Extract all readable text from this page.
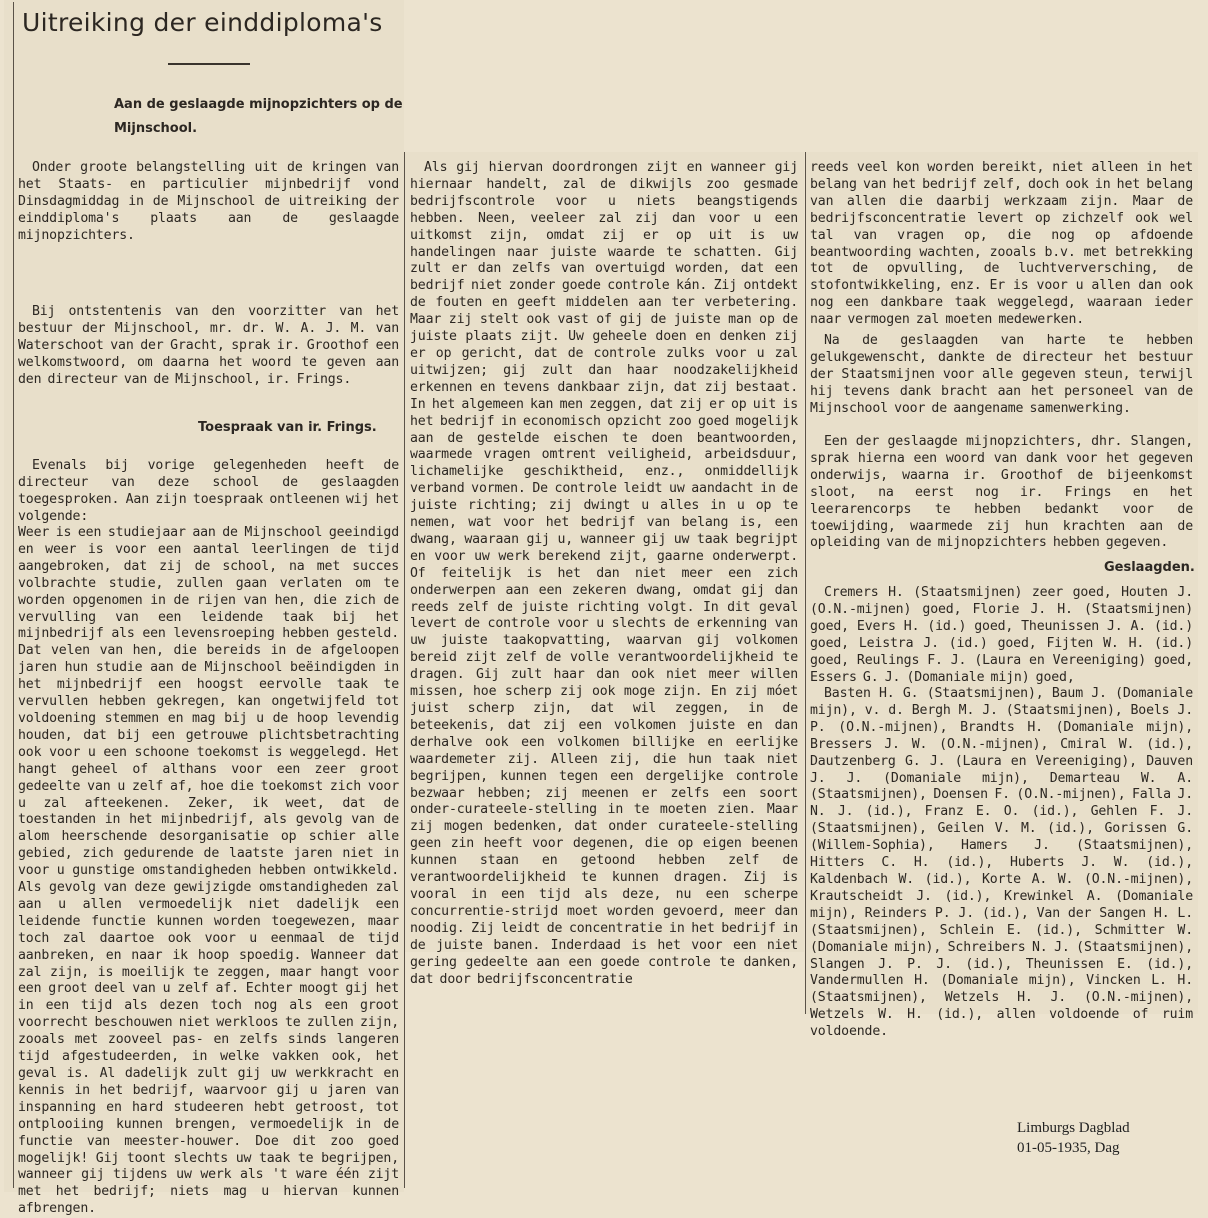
Uitreiking der einddiploma's
Aan de geslaagde mijnopzichters op de Mijnschool.

Onder groote belangstelling uit de kringen van het Staats- en particulier mijnbedrijf vond Dinsdagmiddag in de Mijnschool de uitreiking der einddiploma's plaats aan de geslaagde mijnopzichters.

Bij ontstentenis van den voorzitter van het bestuur der Mijnschool, mr. dr. W. A. J. M. van Waterschoot van der Gracht, sprak ir. Groothof een welkomstwoord, om daarna het woord te geven aan den directeur van de Mijnschool, ir. Frings.

Toespraak van ir. Frings.

Evenals bij vorige gelegenheden heeft de directeur van deze school de geslaagden toegesproken. Aan zijn toespraak ontleenen wij het volgende:

Weer is een studiejaar aan de Mijnschool geeindigd en weer is voor een aantal leerlingen de tijd aangebroken, dat zij de school, na met succes volbrachte studie, zullen gaan verlaten om te worden opgenomen in de rijen van hen, die zich de vervulling van een leidende taak bij het mijnbedrijf als een levensroeping hebben gesteld. Dat velen van hen, die bereids in de afgeloopen jaren hun studie aan de Mijnschool beëindigden in het mijnbedrijf een hoogst eervolle taak te vervullen hebben gekregen, kan ongetwijfeld tot voldoening stemmen en mag bij u de hoop levendig houden, dat bij een getrouwe plichtsbetrachting ook voor u een schoone toekomst is weggelegd. Het hangt geheel of althans voor een zeer groot gedeelte van u zelf af, hoe die toekomst zich voor u zal afteekenen. Zeker, ik weet, dat de toestanden in het mijnbedrijf, als gevolg van de alom heerschende desorganisatie op schier alle gebied, zich gedurende de laatste jaren niet in voor u gunstige omstandigheden hebben ontwikkeld. Als gevolg van deze gewijzigde omstandigheden zal aan u allen vermoedelijk niet dadelijk een leidende functie kunnen worden toegewezen, maar toch zal daartoe ook voor u eenmaal de tijd aanbreken, en naar ik hoop spoedig. Wanneer dat zal zijn, is moeilijk te zeggen, maar hangt voor een groot deel van u zelf af. Echter moogt gij het in een tijd als dezen toch nog als een groot voorrecht beschouwen niet werkloos te zullen zijn, zooals met zooveel pas- en zelfs sinds langeren tijd afgestudeerden, in welke vakken ook, het geval is. Al dadelijk zult gij uw werkkracht en kennis in het bedrijf, waarvoor gij u jaren van inspanning en hard studeeren hebt getroost, tot ontplooiing kunnen brengen, vermoedelijk in de functie van meester-houwer. Doe dit zoo goed mogelijk! Gij toont slechts uw taak te begrijpen, wanneer gij tijdens uw werk als 't ware één zijt met het bedrijf; niets mag u hiervan kunnen afbrengen.

Als gij hiervan doordrongen zijt en wanneer gij hiernaar handelt, zal de dikwijls zoo gesmade bedrijfscontrole voor u niets beangstigends hebben. Neen, veeleer zal zij dan voor u een uitkomst zijn, omdat zij er op uit is uw handelingen naar juiste waarde te schatten. Gij zult er dan zelfs van overtuigd worden, dat een bedrijf niet zonder goede controle kán. Zij ontdekt de fouten en geeft middelen aan ter verbetering. Maar zij stelt ook vast of gij de juiste man op de juiste plaats zijt. Uw geheele doen en denken zij er op gericht, dat de controle zulks voor u zal uitwijzen; gij zult dan haar noodzakelijkheid erkennen en tevens dankbaar zijn, dat zij bestaat. In het algemeen kan men zeggen, dat zij er op uit is het bedrijf in economisch opzicht zoo goed mogelijk aan de gestelde eischen te doen beantwoorden, waarmede vragen omtrent veiligheid, arbeidsduur, lichamelijke geschiktheid, enz., onmiddellijk verband vormen. De controle leidt uw aandacht in de juiste richting; zij dwingt u alles in u op te nemen, wat voor het bedrijf van belang is, een dwang, waaraan gij u, wanneer gij uw taak begrijpt en voor uw werk berekend zijt, gaarne onderwerpt. Of feitelijk is het dan niet meer een zich onderwerpen aan een zekeren dwang, omdat gij dan reeds zelf de juiste richting volgt. In dit geval levert de controle voor u slechts de erkenning van uw juiste taakopvatting, waarvan gij volkomen bereid zijt zelf de volle verantwoordelijkheid te dragen. Gij zult haar dan ook niet meer willen missen, hoe scherp zij ook moge zijn. En zij móet juist scherp zijn, dat wil zeggen, in de beteekenis, dat zij een volkomen juiste en dan derhalve ook een volkomen billijke en eerlijke waardemeter zij. Alleen zij, die hun taak niet begrijpen, kunnen tegen een dergelijke controle bezwaar hebben; zij meenen er zelfs een soort onder-curateele-stelling in te moeten zien. Maar zij mogen bedenken, dat onder curateele-stelling geen zin heeft voor degenen, die op eigen beenen kunnen staan en getoond hebben zelf de verantwoordelijkheid te kunnen dragen. Zij is vooral in een tijd als deze, nu een scherpe concurrentie-strijd moet worden gevoerd, meer dan noodig. Zij leidt de concentratie in het bedrijf in de juiste banen. Inderdaad is het voor een niet gering gedeelte aan een goede controle te danken, dat door bedrijfsconcentratie

reeds veel kon worden bereikt, niet alleen in het belang van het bedrijf zelf, doch ook in het belang van allen die daarbij werkzaam zijn. Maar de bedrijfsconcentratie levert op zichzelf ook wel tal van vragen op, die nog op afdoende beantwoording wachten, zooals b.v. met betrekking tot de opvulling, de luchtverversching, de stofontwikkeling, enz. Er is voor u allen dan ook nog een dankbare taak weggelegd, waaraan ieder naar vermogen zal moeten medewerken.

Na de geslaagden van harte te hebben gelukgewenscht, dankte de directeur het bestuur der Staatsmijnen voor alle gegeven steun, terwijl hij tevens dank bracht aan het personeel van de Mijnschool voor de aangename samenwerking.

Een der geslaagde mijnopzichters, dhr. Slangen, sprak hierna een woord van dank voor het gegeven onderwijs, waarna ir. Groothof de bijeenkomst sloot, na eerst nog ir. Frings en het leerarencorps te hebben bedankt voor de toewijding, waarmede zij hun krachten aan de opleiding van de mijnopzichters hebben gegeven.

Geslaagden.

Cremers H. (Staatsmijnen) zeer goed, Houten J. (O.N.-mijnen) goed, Florie J. H. (Staatsmijnen) goed, Evers H. (id.) goed, Theunissen J. A. (id.) goed, Leistra J. (id.) goed, Fijten W. H. (id.) goed, Reulings F. J. (Laura en Vereeniging) goed, Essers G. J. (Domaniale mijn) goed,

Basten H. G. (Staatsmijnen), Baum J. (Domaniale mijn), v. d. Bergh M. J. (Staatsmijnen), Boels J. P. (O.N.-mijnen), Brandts H. (Domaniale mijn), Bressers J. W. (O.N.-mijnen), Cmiral W. (id.), Dautzenberg G. J. (Laura en Vereeniging), Dauven J. J. (Domaniale mijn), Demarteau W. A. (Staatsmijnen), Doensen F. (O.N.-mijnen), Falla J. N. J. (id.), Franz E. O. (id.), Gehlen F. J. (Staatsmijnen), Geilen V. M. (id.), Gorissen G. (Willem-Sophia), Hamers J. (Staatsmijnen), Hitters C. H. (id.), Huberts J. W. (id.), Kaldenbach W. (id.), Korte A. W. (O.N.-mijnen), Krautscheidt J. (id.), Krewinkel A. (Domaniale mijn), Reinders P. J. (id.), Van der Sangen H. L. (Staatsmijnen), Schlein E. (id.), Schmitter W. (Domaniale mijn), Schreibers N. J. (Staatsmijnen), Slangen J. P. J. (id.), Theunissen E. (id.), Vandermullen H. (Domaniale mijn), Vincken L. H. (Staatsmijnen), Wetzels H. J. (O.N.-mijnen), Wetzels W. H. (id.), allen voldoende of ruim voldoende.

Limburgs Dagblad
01-05-1935, Dag
